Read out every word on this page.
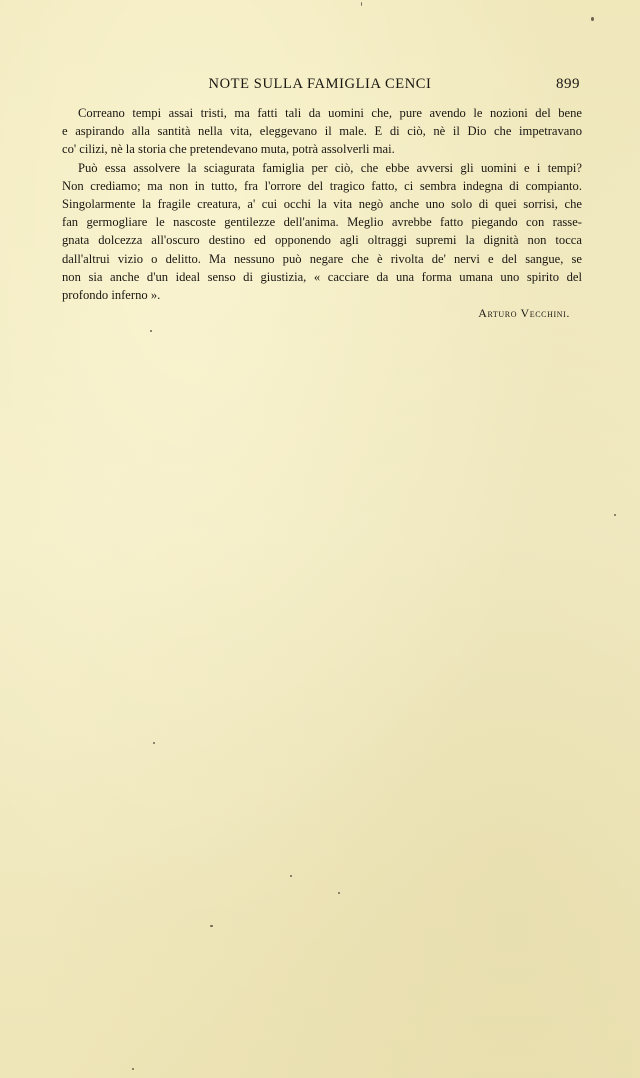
NOTE SULLA FAMIGLIA CENCI	899
Correano tempi assai tristi, ma fatti tali da uomini che, pure avendo le nozioni del bene
e aspirando alla santità nella vita, eleggevano il male. E di ciò, nè il Dio che impetravano
co' cilizi, nè la storia che pretendevano muta, potrà assolverli mai.
Può essa assolvere la sciagurata famiglia per ciò, che ebbe avversi gli uomini e i tempi?
Non crediamo; ma non in tutto, fra l'orrore del tragico fatto, ci sembra indegna di compianto.
Singolarmente la fragile creatura, a' cui occhi la vita negò anche uno solo di quei sorrisi, che
fan germogliare le nascoste gentilezze dell'anima. Meglio avrebbe fatto piegando con rasse-
gnata dolcezza all'oscuro destino ed opponendo agli oltraggi supremi la dignità non tocca
dall'altrui vizio o delitto. Ma nessuno può negare che è rivolta de' nervi e del sangue, se
non sia anche d'un ideal senso di giustizia, « cacciare da una forma umana uno spirito del
profondo inferno ».
Arturo Vecchini.
